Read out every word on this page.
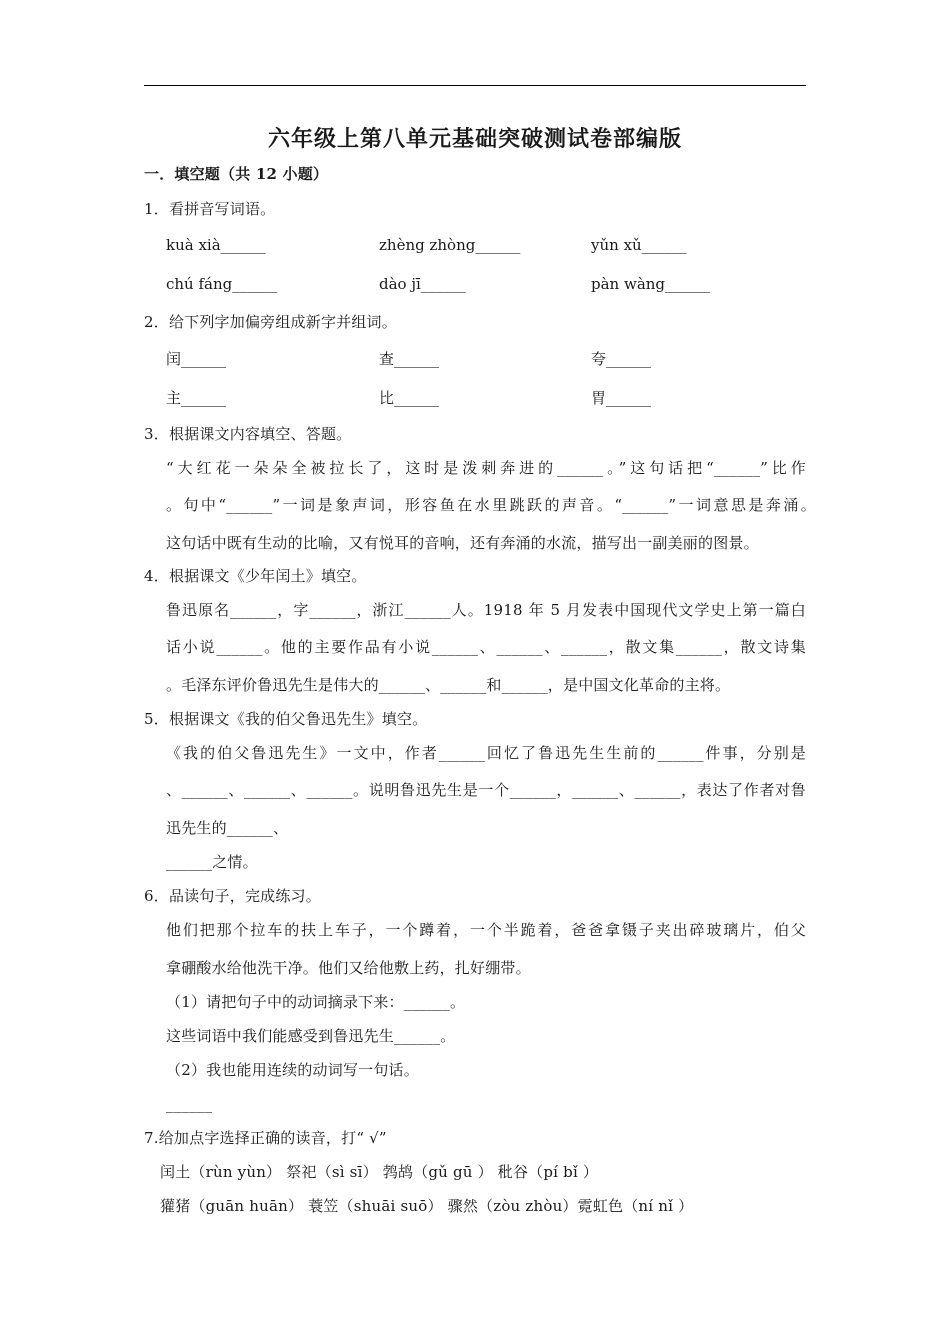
六年级上第八单元基础突破测试卷部编版
一．填空题（共 12 小题）
1．看拼音写词语。
kuà xià______	zhèng zhòng______	yǔn xǔ______
chú fáng______	dào jī______	pàn wàng______
2．给下列字加偏旁组成新字并组词。
闰______	查______	夸______
主______	比______	胃______
3．根据课文内容填空、答题。
“大红花一朵朵全被拉长了，这时是泼刺奔进的______。”这句话把“______”比作
。句中“______”一词是象声词，形容鱼在水里跳跃的声音。“______”一词意思是奔涌。
这句话中既有生动的比喻，又有悦耳的音响，还有奔涌的水流，描写出一副美丽的图景。
4．根据课文《少年闰土》填空。
鲁迅原名______，字______，浙江______人。1918 年 5 月发表中国现代文学史上第一篇白
话小说______。他的主要作品有小说______、______、______，散文集______，散文诗集
。毛泽东评价鲁迅先生是伟大的______、______和______，是中国文化革命的主将。
5．根据课文《我的伯父鲁迅先生》填空。
《我的伯父鲁迅先生》一文中，作者______回忆了鲁迅先生生前的______件事，分别是
、______、______、______。说明鲁迅先生是一个______，______、______，表达了作者对鲁
迅先生的______、
______之情。
6．品读句子，完成练习。
他们把那个拉车的扶上车子，一个蹲着，一个半跪着，爸爸拿镊子夹出碎玻璃片，伯父
拿硼酸水给他洗干净。他们又给他敷上药，扎好绷带。
（1）请把句子中的动词摘录下来：______。
这些词语中我们能感受到鲁迅先生______。
（2）我也能用连续的动词写一句话。
______
7.给加点字选择正确的读音，打“ √”
闰土（rùn yùn） 祭祀（sì sī） 鹁鸪（gǔ gū ） 秕谷（pí bǐ ）
獾猪（guān huān） 蓑笠（shuāi suō） 骤然（zòu zhòu）霓虹色（ní nǐ ）
